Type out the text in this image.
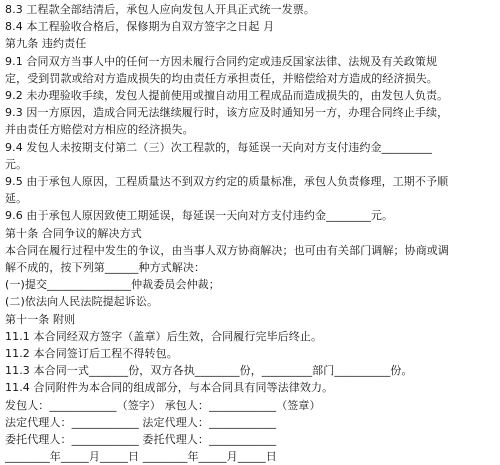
8.3 工程款全部结清后，承包人应向发包人开具正式统一发票。
8.4 本工程验收合格后，保修期为自双方签字之日起 月
第九条 违约责任
9.1 合同双方当事人中的任何一方因未履行合同约定或违反国家法律、法规及有关政策规
定，受到罚款或给对方造成损失的均由责任方承担责任，并赔偿给对方造成的经济损失。
9.2 未办理验收手续，发包人提前使用或擅自动用工程成品而造成损失的，由发包人负责。
9.3 因一方原因，造成合同无法继续履行时，该方应及时通知另一方，办理合同终止手续，
并由责任方赔偿对方相应的经济损失。
9.4 发包人未按期支付第二（三）次工程款的，每延误一天向对方支付违约金_________
元。
9.5 由于承包人原因，工程质量达不到双方约定的质量标准，承包人负责修理，工期不予顺
延。
9.6 由于承包人原因致使工期延误，每延误一天向对方支付违约金________元。
第十条 合同争议的解决方式
本合同在履行过程中发生的争议，由当事人双方协商解决；也可由有关部门调解；协商或调
解不成的，按下列第______种方式解决：
(一)提交_______________仲裁委员会仲裁；
(二)依法向人民法院提起诉讼。
第十一条 附则
11.1 本合同经双方签字（盖章）后生效，合同履行完毕后终止。
11.2 本合同签订后工程不得转包。
11.3 本合同一式_______份，双方各执________份，_________部门__________份。
11.4 合同附件为本合同的组成部分，与本合同具有同等法律效力。
发包人：____________（签字） 承包人：____________（签章）
法定代理人：____________ 法定代理人：____________
委托代理人：____________ 委托代理人：____________
________年_____月_____日 ________年_____月_____日
